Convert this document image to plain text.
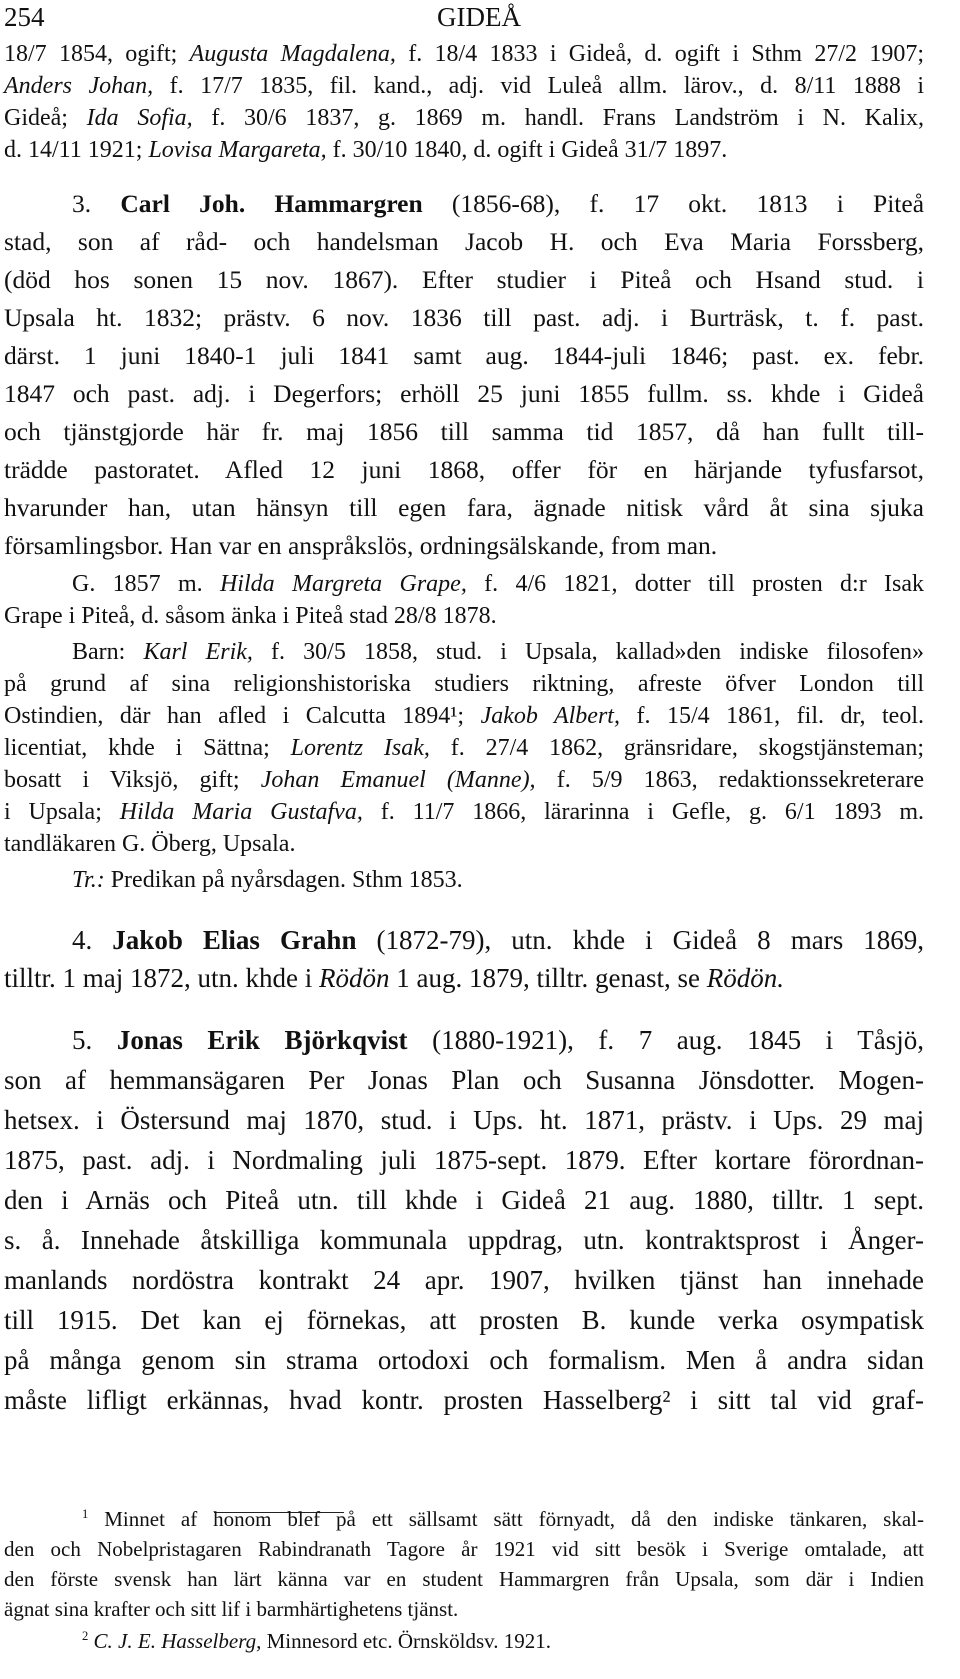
254	GIDEÅ
18/7 1854, ogift; Augusta Magdalena, f. 18/4 1833 i Gideå, d. ogift i Sthm 27/2 1907;
Anders Johan, f. 17/7 1835, fil. kand., adj. vid Luleå allm. lärov., d. 8/11 1888 i
Gideå; Ida Sofia, f. 30/6 1837, g. 1869 m. handl. Frans Landström i N. Kalix,
d. 14/11 1921; Lovisa Margareta, f. 30/10 1840, d. ogift i Gideå 31/7 1897.
3. Carl Joh. Hammargren (1856-68), f. 17 okt. 1813 i Piteå
stad, son af råd- och handelsman Jacob H. och Eva Maria Forssberg,
(död hos sonen 15 nov. 1867). Efter studier i Piteå och Hsand stud. i
Upsala ht. 1832; prästv. 6 nov. 1836 till past. adj. i Burträsk, t. f. past.
därst. 1 juni 1840-1 juli 1841 samt aug. 1844-juli 1846; past. ex. febr.
1847 och past. adj. i Degerfors; erhöll 25 juni 1855 fullm. ss. khde i Gideå
och tjänstgjorde här fr. maj 1856 till samma tid 1857, då han fullt till-
trädde pastoratet. Afled 12 juni 1868, offer för en härjande tyfusfarsot,
hvarunder han, utan hänsyn till egen fara, ägnade nitisk vård åt sina sjuka
församlingsbor. Han var en anspråkslös, ordningsälskande, from man.
G. 1857 m. Hilda Margreta Grape, f. 4/6 1821, dotter till prosten d:r Isak
Grape i Piteå, d. såsom änka i Piteå stad 28/8 1878.
Barn: Karl Erik, f. 30/5 1858, stud. i Upsala, kallad»den indiske filosofen»
på grund af sina religionshistoriska studiers riktning, afreste öfver London till
Ostindien, där han afled i Calcutta 1894¹; Jakob Albert, f. 15/4 1861, fil. dr, teol.
licentiat, khde i Sättna; Lorentz Isak, f. 27/4 1862, gränsridare, skogstjänsteman;
bosatt i Viksjö, gift; Johan Emanuel (Manne), f. 5/9 1863, redaktionssekreterare
i Upsala; Hilda Maria Gustafva, f. 11/7 1866, lärarinna i Gefle, g. 6/1 1893 m.
tandläkaren G. Öberg, Upsala.
Tr.: Predikan på nyårsdagen. Sthm 1853.
4. Jakob Elias Grahn (1872-79), utn. khde i Gideå 8 mars 1869,
tilltr. 1 maj 1872, utn. khde i Rödön 1 aug. 1879, tilltr. genast, se Rödön.
5. Jonas Erik Björkqvist (1880-1921), f. 7 aug. 1845 i Tåsjö,
son af hemmansägaren Per Jonas Plan och Susanna Jönsdotter. Mogen-
hetsex. i Östersund maj 1870, stud. i Ups. ht. 1871, prästv. i Ups. 29 maj
1875, past. adj. i Nordmaling juli 1875-sept. 1879. Efter kortare förordnan-
den i Arnäs och Piteå utn. till khde i Gideå 21 aug. 1880, tilltr. 1 sept.
s. å. Innehade åtskilliga kommunala uppdrag, utn. kontraktsprost i Ånger-
manlands nordöstra kontrakt 24 apr. 1907, hvilken tjänst han innehade
till 1915. Det kan ej förnekas, att prosten B. kunde verka osympatisk
på många genom sin strama ortodoxi och formalism. Men å andra sidan
måste lifligt erkännas, hvad kontr. prosten Hasselberg² i sitt tal vid graf-
$^1$ Minnet af honom blef på ett sällsamt sätt förnyadt, då den indiske tänkaren, skal-
den och Nobelpristagaren Rabindranath Tagore år 1921 vid sitt besök i Sverige omtalade, att
den förste svensk han lärt känna var en student Hammargren från Upsala, som där i Indien
ägnat sina krafter och sitt lif i barmhärtighetens tjänst.
$^2$ C. J. E. Hasselberg, Minnesord etc. Örnsköldsv. 1921.
